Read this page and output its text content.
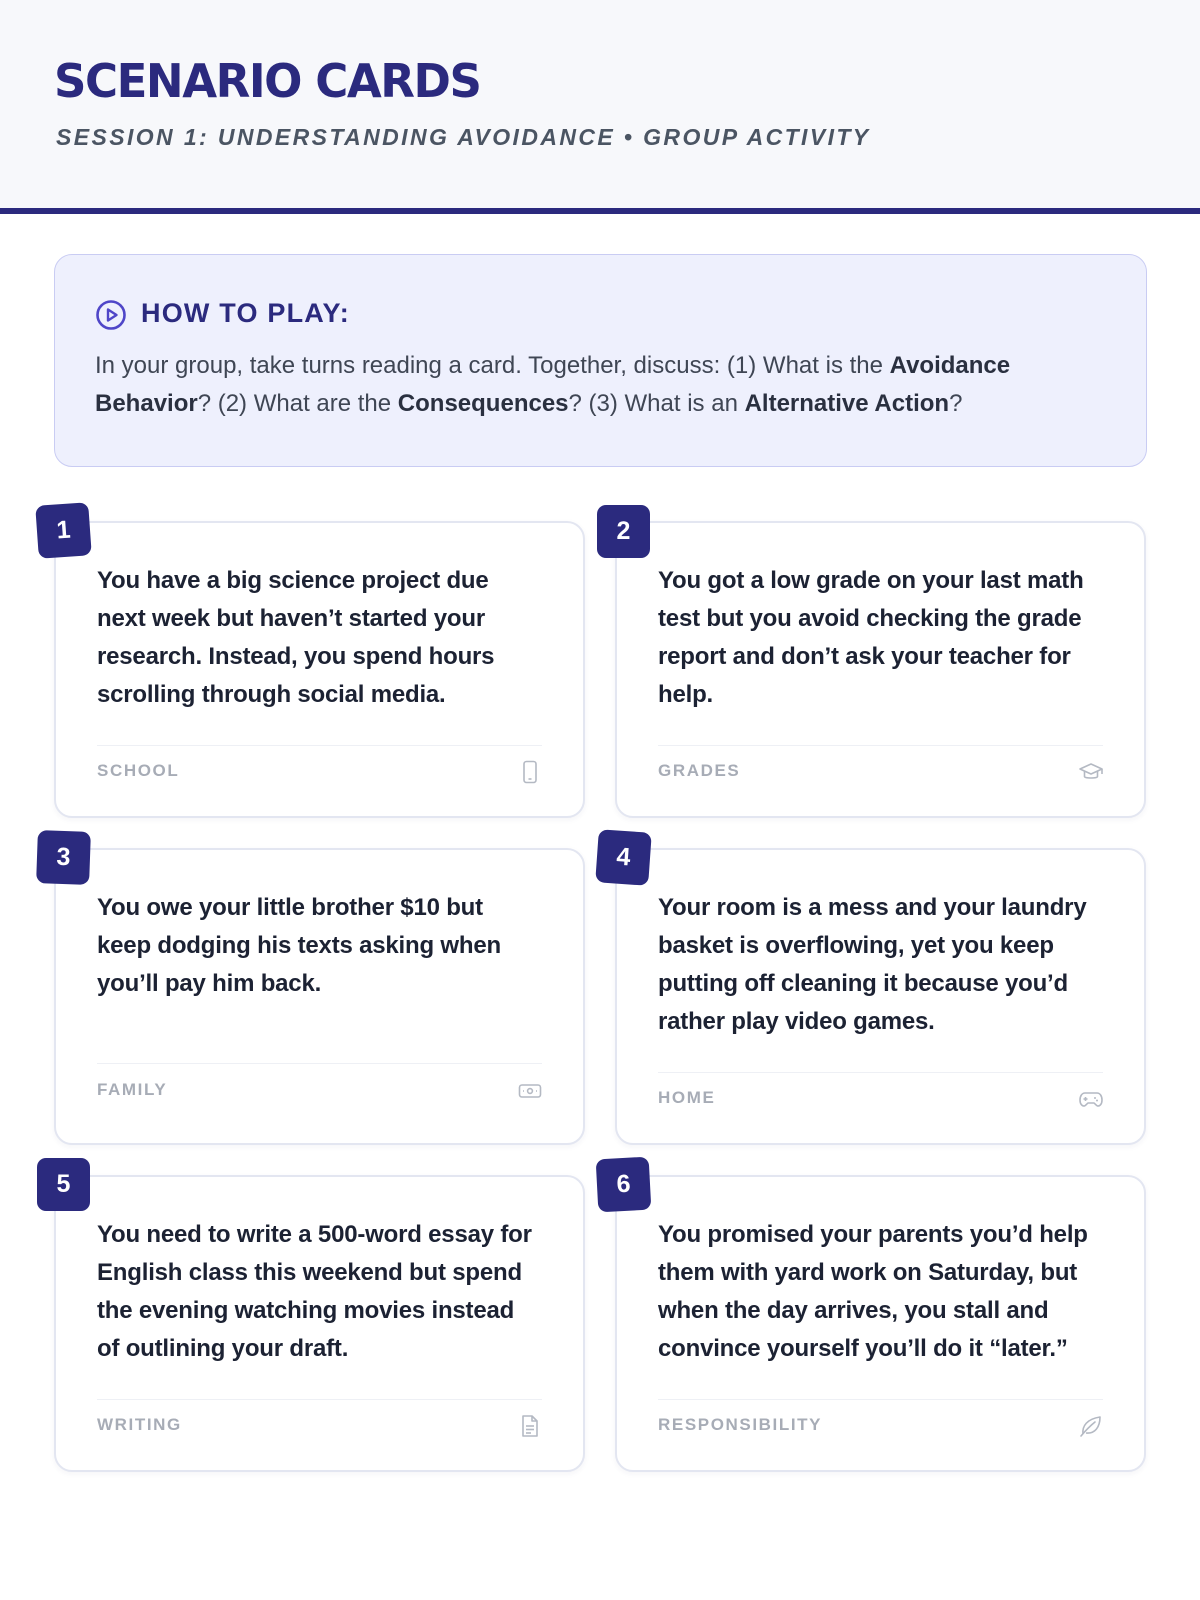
SCENARIO CARDS
SESSION 1: UNDERSTANDING AVOIDANCE • GROUP ACTIVITY
HOW TO PLAY:
In your group, take turns reading a card. Together, discuss: (1) What is the Avoidance Behavior? (2) What are the Consequences? (3) What is an Alternative Action?
You have a big science project due next week but haven’t started your research. Instead, you spend hours scrolling through social media.
SCHOOL
1
You got a low grade on your last math test but you avoid checking the grade report and don’t ask your teacher for help.
GRADES
2
You owe your little brother $10 but keep dodging his texts asking when you’ll pay him back.
FAMILY
3
Your room is a mess and your laundry basket is overflowing, yet you keep putting off cleaning it because you’d rather play video games.
HOME
4
You need to write a 500-word essay for English class this weekend but spend the evening watching movies instead of outlining your draft.
WRITING
5
You promised your parents you’d help them with yard work on Saturday, but when the day arrives, you stall and convince yourself you’ll do it “later.”
RESPONSIBILITY
6
